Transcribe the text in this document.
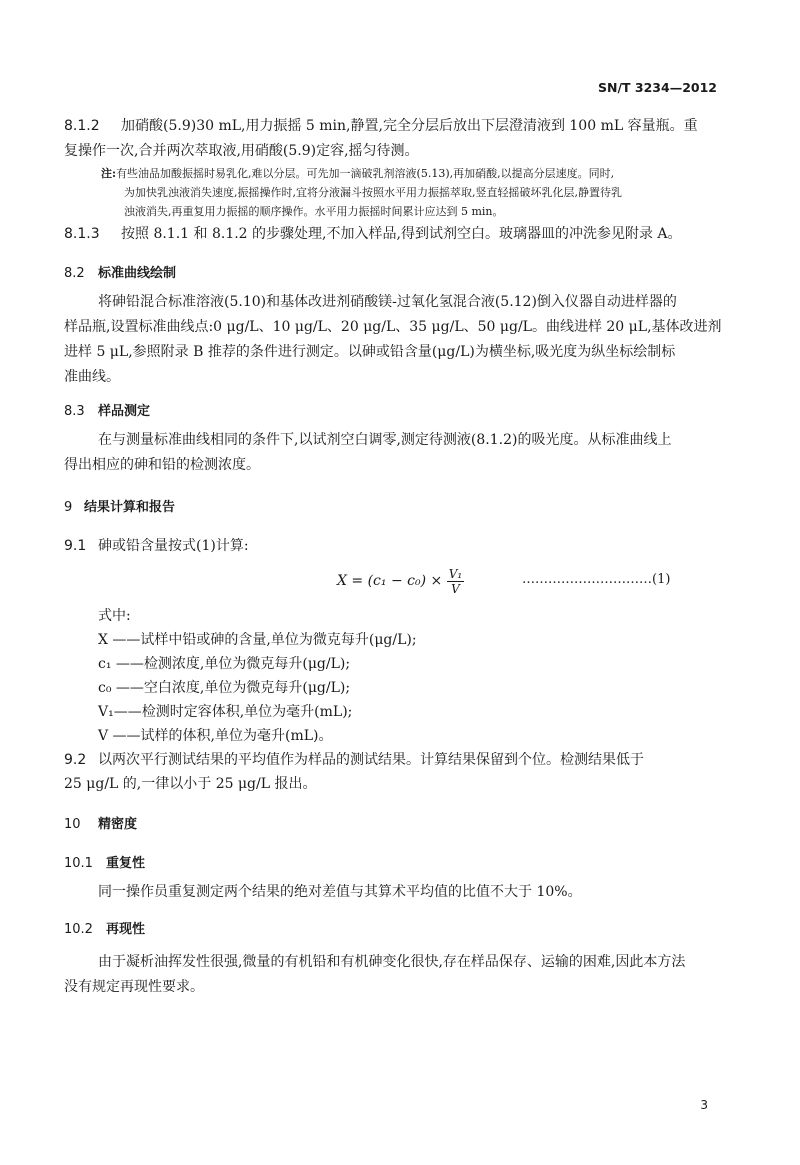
SN/T 3234—2012
8.1.2 加硝酸(5.9)30 mL,用力振摇 5 min,静置,完全分层后放出下层澄清液到 100 mL 容量瓶。重
复操作一次,合并两次萃取液,用硝酸(5.9)定容,摇匀待测。
注:有些油品加酸振摇时易乳化,难以分层。可先加一滴破乳剂溶液(5.13),再加硝酸,以提高分层速度。同时,
为加快乳浊液消失速度,振摇操作时,宜将分液漏斗按照水平用力振摇萃取,竖直轻摇破坏乳化层,静置待乳
浊液消失,再重复用力振摇的顺序操作。水平用力振摇时间累计应达到 5 min。
8.1.3 按照 8.1.1 和 8.1.2 的步骤处理,不加入样品,得到试剂空白。玻璃器皿的冲洗参见附录 A。
8.2 标准曲线绘制
将砷铅混合标准溶液(5.10)和基体改进剂硝酸镁-过氧化氢混合液(5.12)倒入仪器自动进样器的
样品瓶,设置标准曲线点:0 μg/L、10 μg/L、20 μg/L、35 μg/L、50 μg/L。曲线进样 20 μL,基体改进剂
进样 5 μL,参照附录 B 推荐的条件进行测定。以砷或铅含量(μg/L)为横坐标,吸光度为纵坐标绘制标
准曲线。
8.3 样品测定
在与测量标准曲线相同的条件下,以试剂空白调零,测定待测液(8.1.2)的吸光度。从标准曲线上
得出相应的砷和铅的检测浓度。
9 结果计算和报告
9.1 砷或铅含量按式(1)计算:
$X = (c_1 - c_0) \times \frac{\text{V₁}}{V}$	…………………………(1)
式中:
X ——试样中铅或砷的含量,单位为微克每升(μg/L);
c₁ ——检测浓度,单位为微克每升(μg/L);
c₀ ——空白浓度,单位为微克每升(μg/L);
V₁——检测时定容体积,单位为毫升(mL);
V ——试样的体积,单位为毫升(mL)。
9.2 以两次平行测试结果的平均值作为样品的测试结果。计算结果保留到个位。检测结果低于
25 μg/L 的,一律以小于 25 μg/L 报出。
10 精密度
10.1 重复性
同一操作员重复测定两个结果的绝对差值与其算术平均值的比值不大于 10%。
10.2 再现性
由于凝析油挥发性很强,微量的有机铅和有机砷变化很快,存在样品保存、运输的困难,因此本方法
没有规定再现性要求。
3
